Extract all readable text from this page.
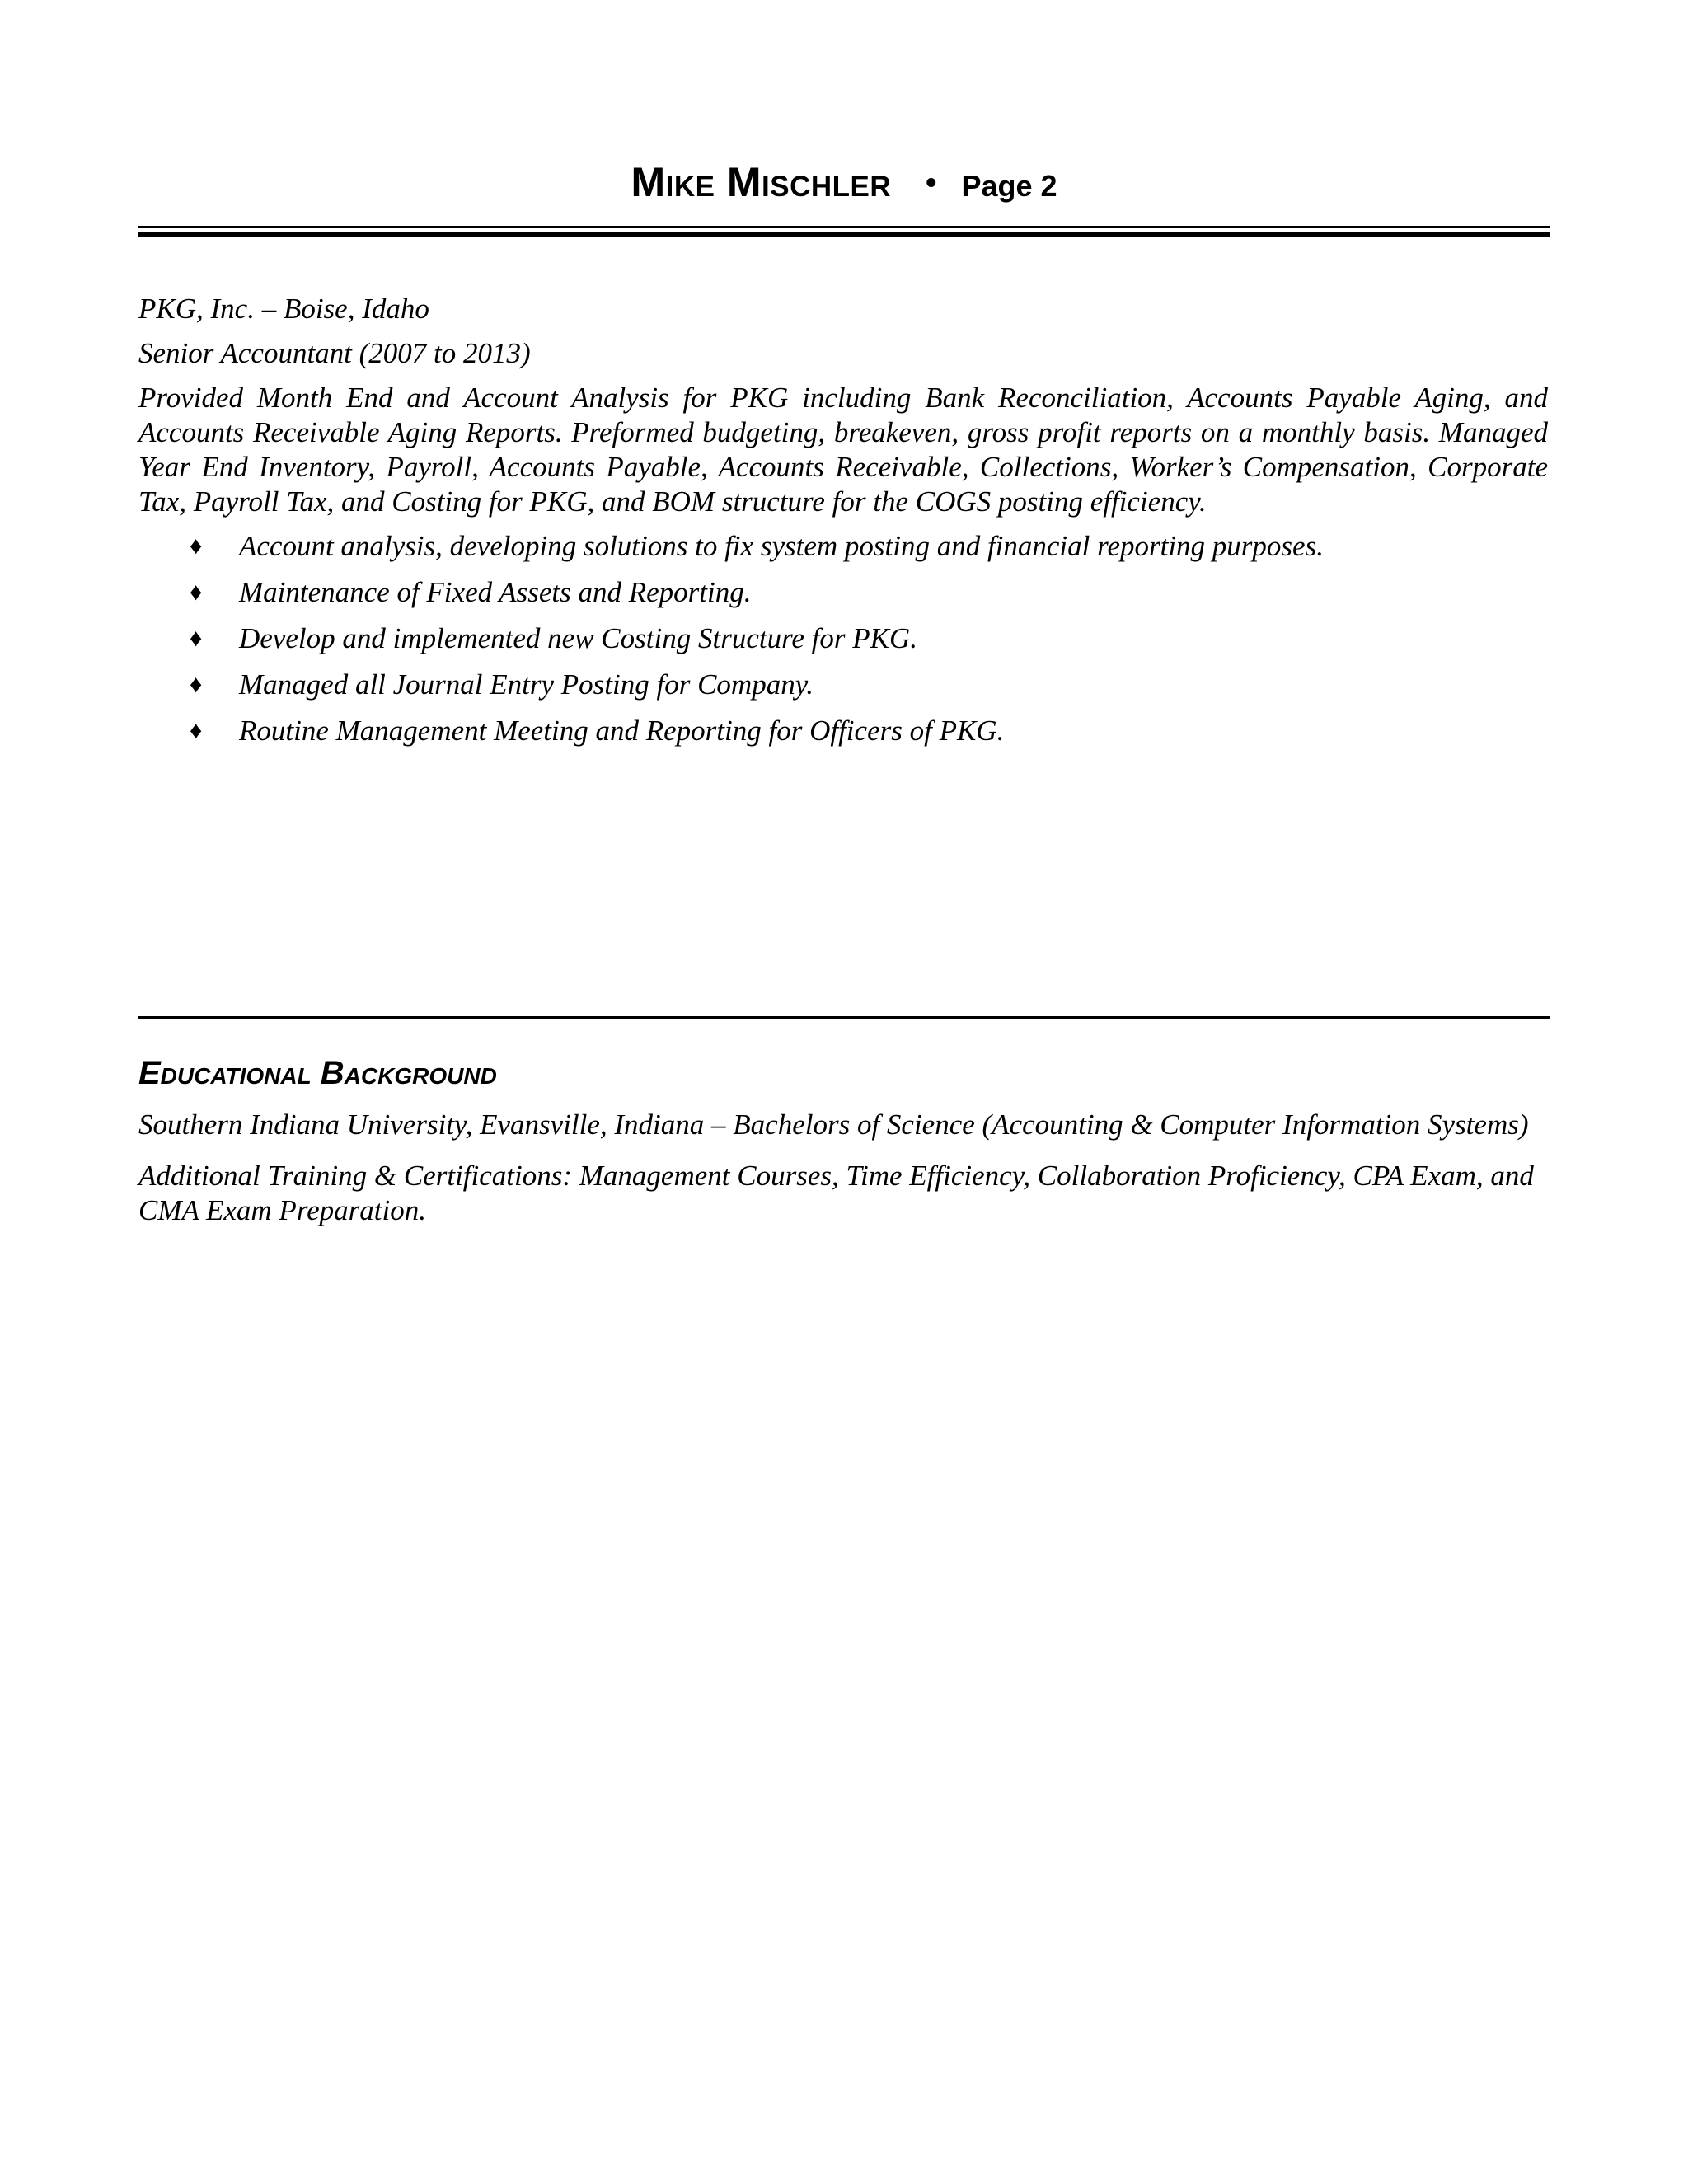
Mike Mischler • Page 2

PKG, Inc. – Boise, Idaho

Senior Accountant (2007 to 2013)

Provided Month End and Account Analysis for PKG including Bank Reconciliation, Accounts Payable Aging, and Accounts Receivable Aging Reports. Preformed budgeting, breakeven, gross profit reports on a monthly basis. Managed Year End Inventory, Payroll, Accounts Payable, Accounts Receivable, Collections, Worker’s Compensation, Corporate Tax, Payroll Tax, and Costing for PKG, and BOM structure for the COGS posting efficiency.

♦ Account analysis, developing solutions to fix system posting and financial reporting purposes.
♦ Maintenance of Fixed Assets and Reporting.
♦ Develop and implemented new Costing Structure for PKG.
♦ Managed all Journal Entry Posting for Company.
♦ Routine Management Meeting and Reporting for Officers of PKG.
Educational Background

Southern Indiana University, Evansville, Indiana – Bachelors of Science (Accounting & Computer Information Systems)

Additional Training & Certifications: Management Courses, Time Efficiency, Collaboration Proficiency, CPA Exam, and CMA Exam Preparation.
